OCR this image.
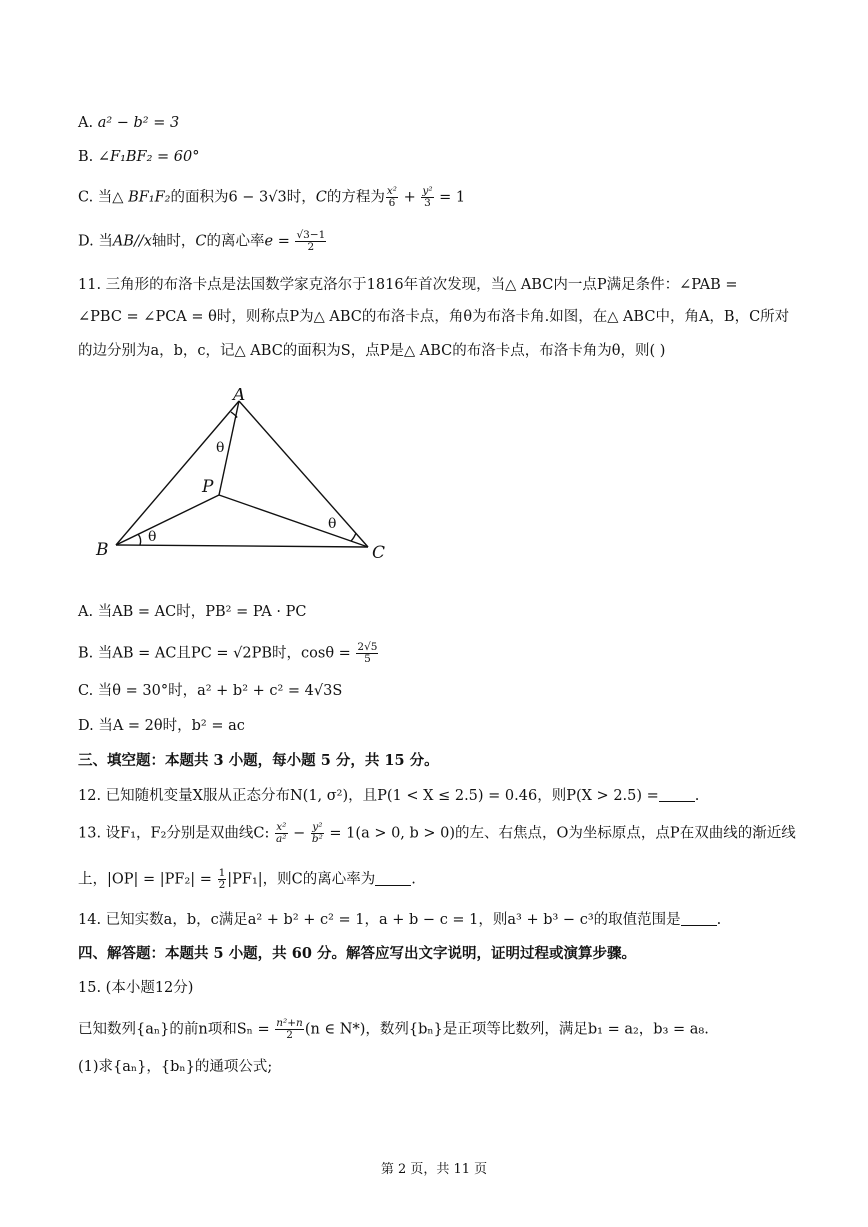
A. a² − b² = 3
B. ∠F₁BF₂ = 60°
C. 当△ BF₁F₂的面积为6 − 3√3时，C的方程为 $\frac{\text{x²}}{6} + \frac{\text{y²}}{3} = 1$
D. 当AB//x轴时，C的离心率$e = \frac{√3-1}{2}$
11. 三角形的布洛卡点是法国数学家克洛尔于1816年首次发现，当△ ABC内一点P满足条件：∠PAB =
∠PBC = ∠PCA = θ时，则称点P为△ ABC的布洛卡点，角θ为布洛卡角.如图，在△ ABC中，角A，B，C所对
的边分别为a，b，c，记△ ABC的面积为S，点P是△ ABC的布洛卡点，布洛卡角为θ，则( )
A
B	C
P
θ
θ
θ
A. 当AB = AC时，PB² = PA · PC
B. 当AB = AC且PC = √2PB时，$\cos\theta = \frac{2√5}{5}$
C. 当θ = 30°时，a² + b² + c² = 4√3S
D. 当A = 2θ时，b² = ac
三、填空题：本题共 3 小题，每小题 5 分，共 15 分。
12. 已知随机变量X服从正态分布N(1, σ²)，且P(1 < X ≤ 2.5) = 0.46，则P(X > 2.5) = .
13. 设F₁，F₂分别是双曲线C: $\frac{\text{x²}}{\text{a²}} - \frac{\text{y²}}{\text{b²}} = 1(a > 0$, b > 0)的左、右焦点，O为坐标原点，点P在双曲线的渐近线
上，$|OP| = |PF_2| = \frac{1}{2} |PF_1|$，则C的离心率为 .
14. 已知实数a，b，c满足a² + b² + c² = 1，a + b − c = 1，则a³ + b³ − c³的取值范围是 .
四、解答题：本题共 5 小题，共 60 分。解答应写出文字说明，证明过程或演算步骤。
15. (本小题12分)
已知数列{aₙ}的前n项和$S_n = \frac{\text{n²+n}}{2} (n$ ∈ N*)，数列{bₙ}是正项等比数列，满足b₁ = a₂，b₃ = a₈.
(1)求{aₙ}，{bₙ}的通项公式;
第 2 页，共 11 页
